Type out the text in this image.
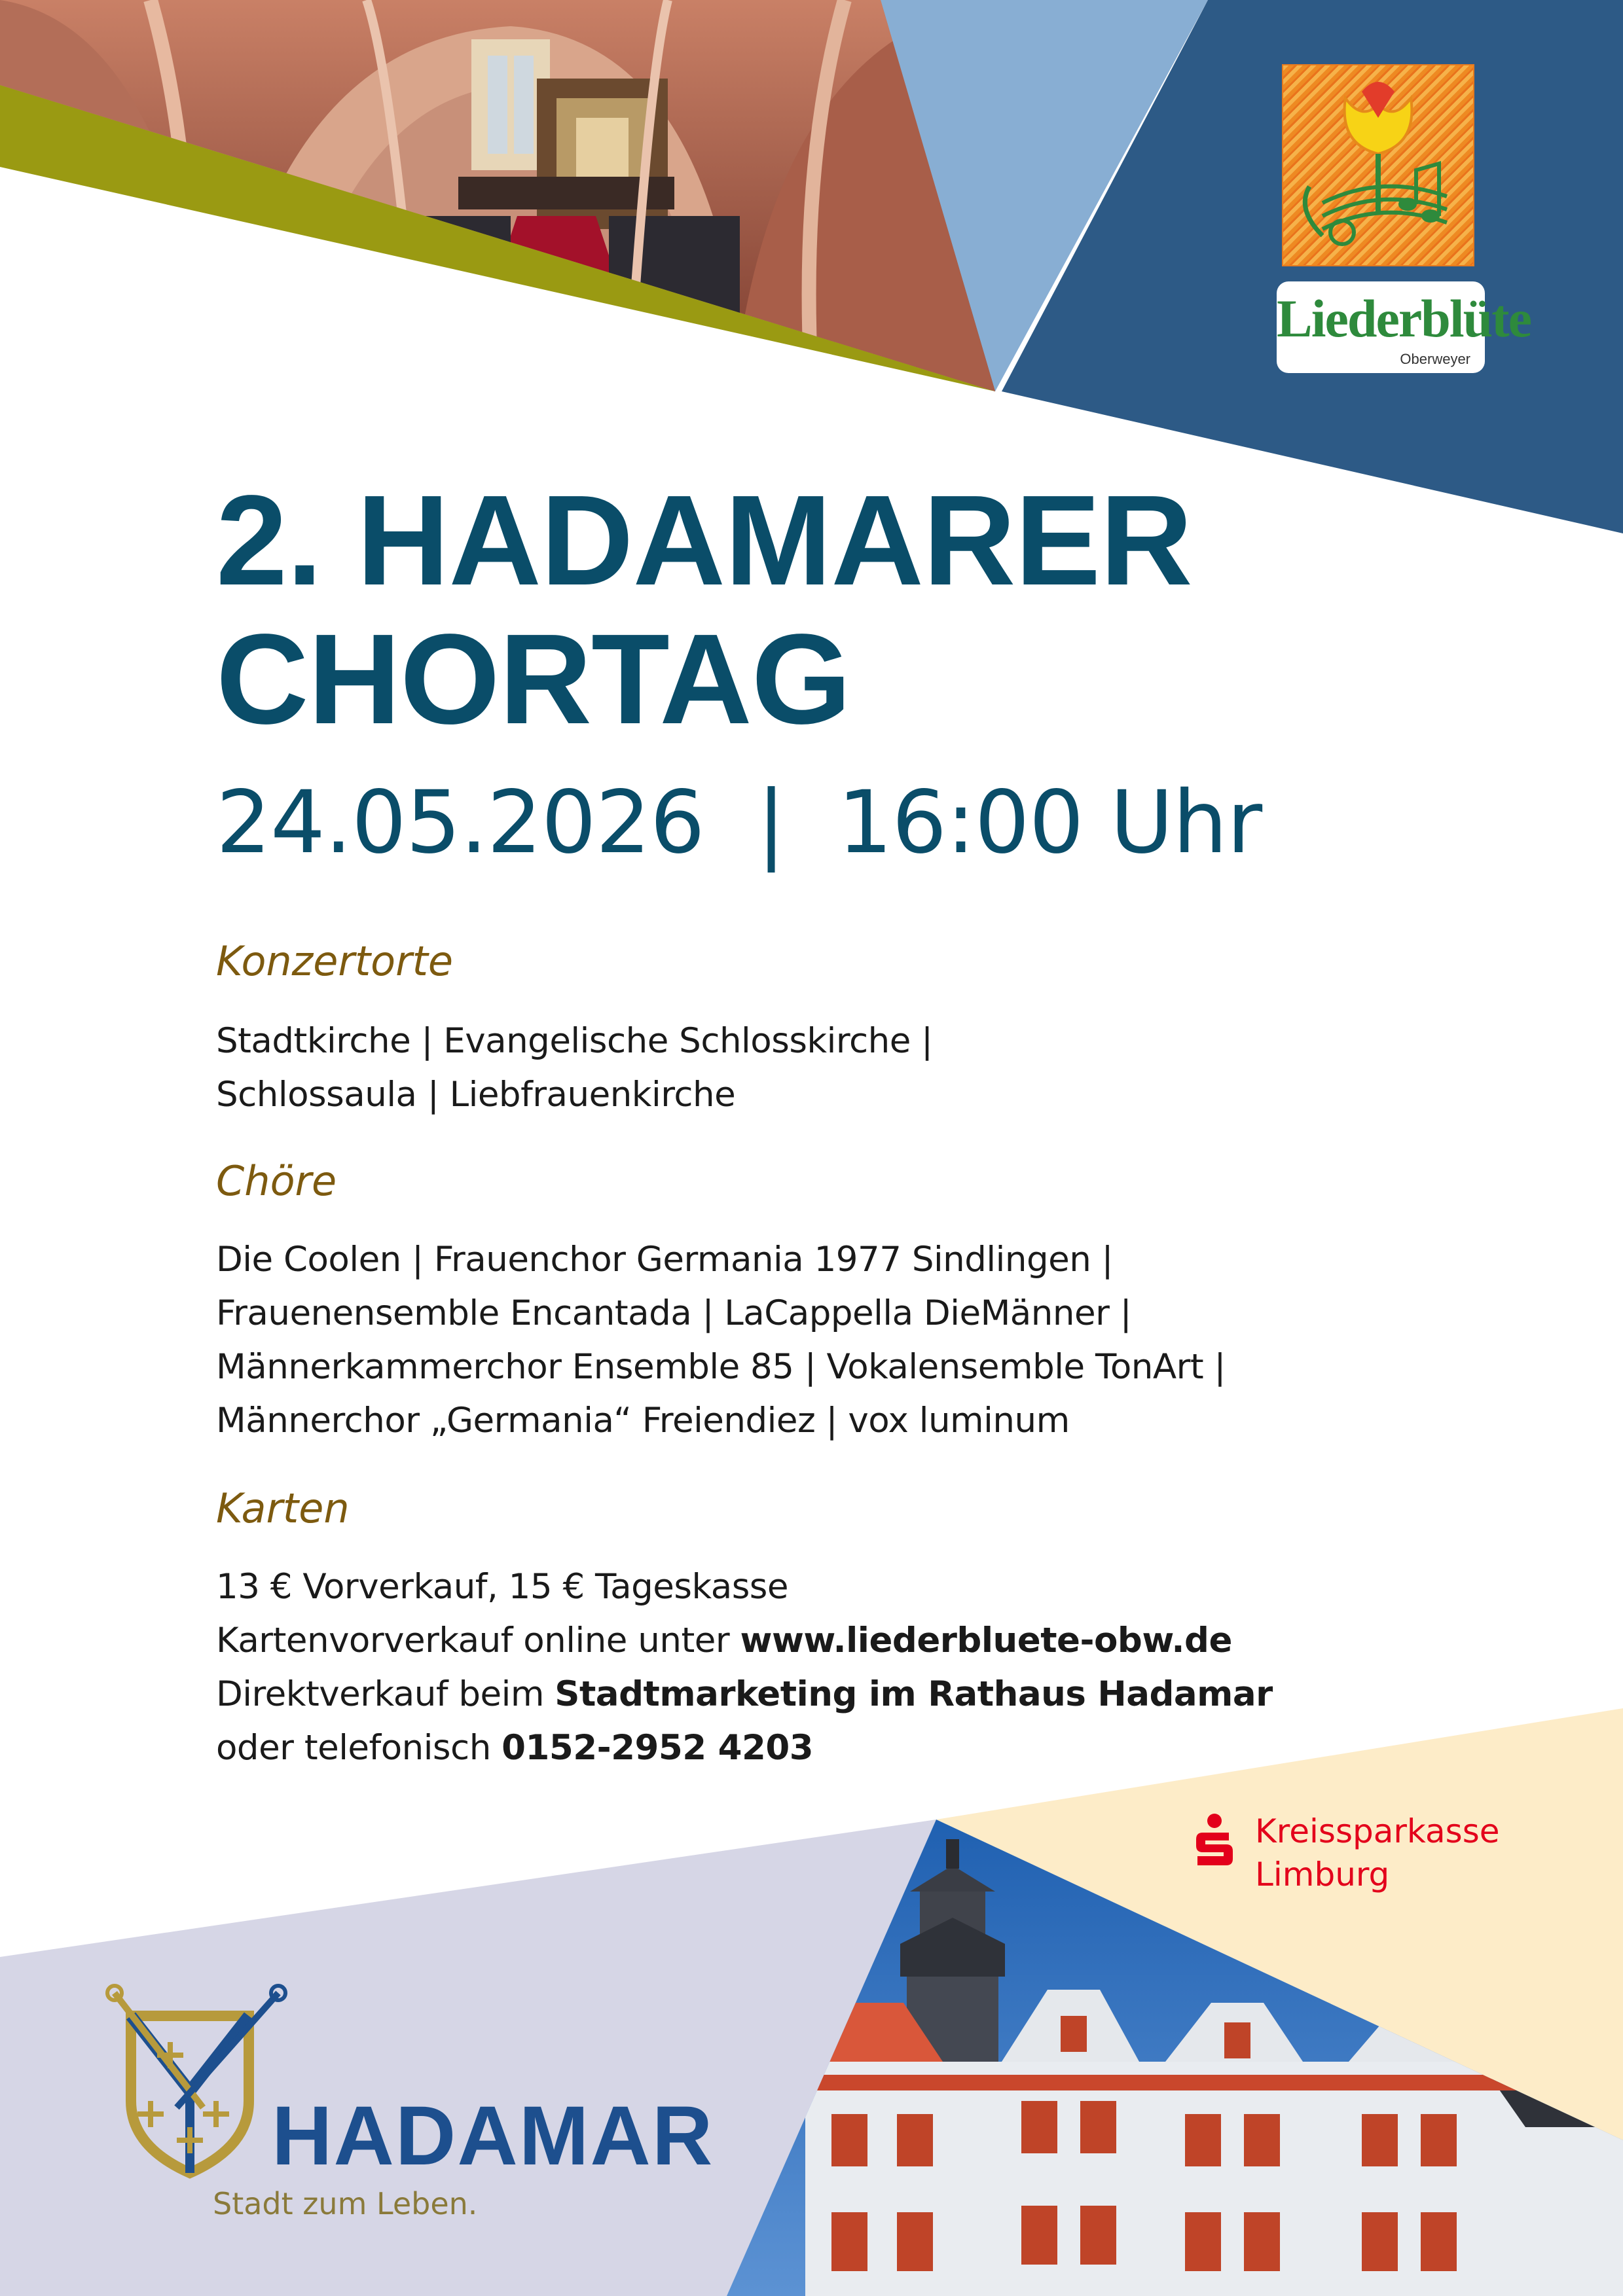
Liederblüte
Oberweyer
2. HADAMARER
CHORTAG
24.05.2026 | 16:00 Uhr
Konzertorte
Stadtkirche | Evangelische Schlosskirche |
Schlossaula | Liebfrauenkirche
Chöre
Die Coolen | Frauenchor Germania 1977 Sindlingen |
Frauenensemble Encantada | LaCappella DieMänner |
Männerkammerchor Ensemble 85 | Vokalensemble TonArt |
Männerchor „Germania“ Freiendiez | vox luminum
Karten
13 € Vorverkauf, 15 € Tageskasse
Kartenvorverkauf online unter www.liederbluete-obw.de
Direktverkauf beim Stadtmarketing im Rathaus Hadamar
oder telefonisch 0152-2952 4203
Kreissparkasse
Limburg
HADAMAR
Stadt zum Leben.
